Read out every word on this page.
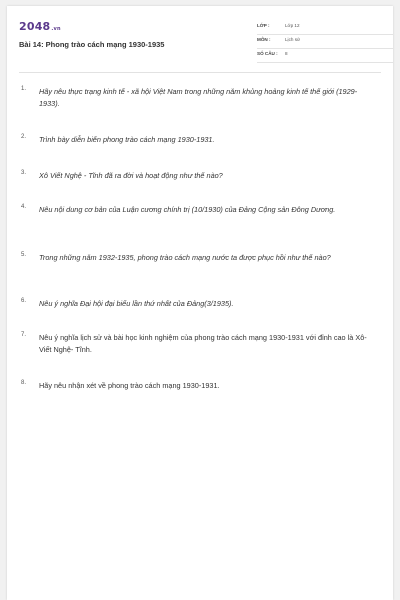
2048.vn
Bài 14: Phong trào cách mạng 1930-1935
LỚP :	Lớp 12
MÔN :	Lịch sử
SỐ CÂU : 8
1. Hãy nêu thực trạng kinh tế - xã hội Việt Nam trong những năm khủng hoảng kinh tế thế giới (1929-1933).
2. Trình bày diễn biến phong trào cách mạng 1930-1931.
3. Xô Viết Nghệ - Tĩnh đã ra đời và hoạt động như thế nào?
4. Nêu nội dung cơ bản của Luận cương chính trị (10/1930) của Đảng Cộng sản Đông Dương.
5. Trong những năm 1932-1935, phong trào cách mạng nước ta được phục hồi như thế nào?
6. Nêu ý nghĩa Đại hội đại biểu lần thứ nhất của Đảng(3/1935).
7. Nêu ý nghĩa lịch sử và bài học kinh nghiệm của phong trào cách mạng 1930-1931 với đỉnh cao là Xô-Viết Nghệ- Tĩnh.
8. Hãy nêu nhận xét về phong trào cách mạng 1930-1931.
